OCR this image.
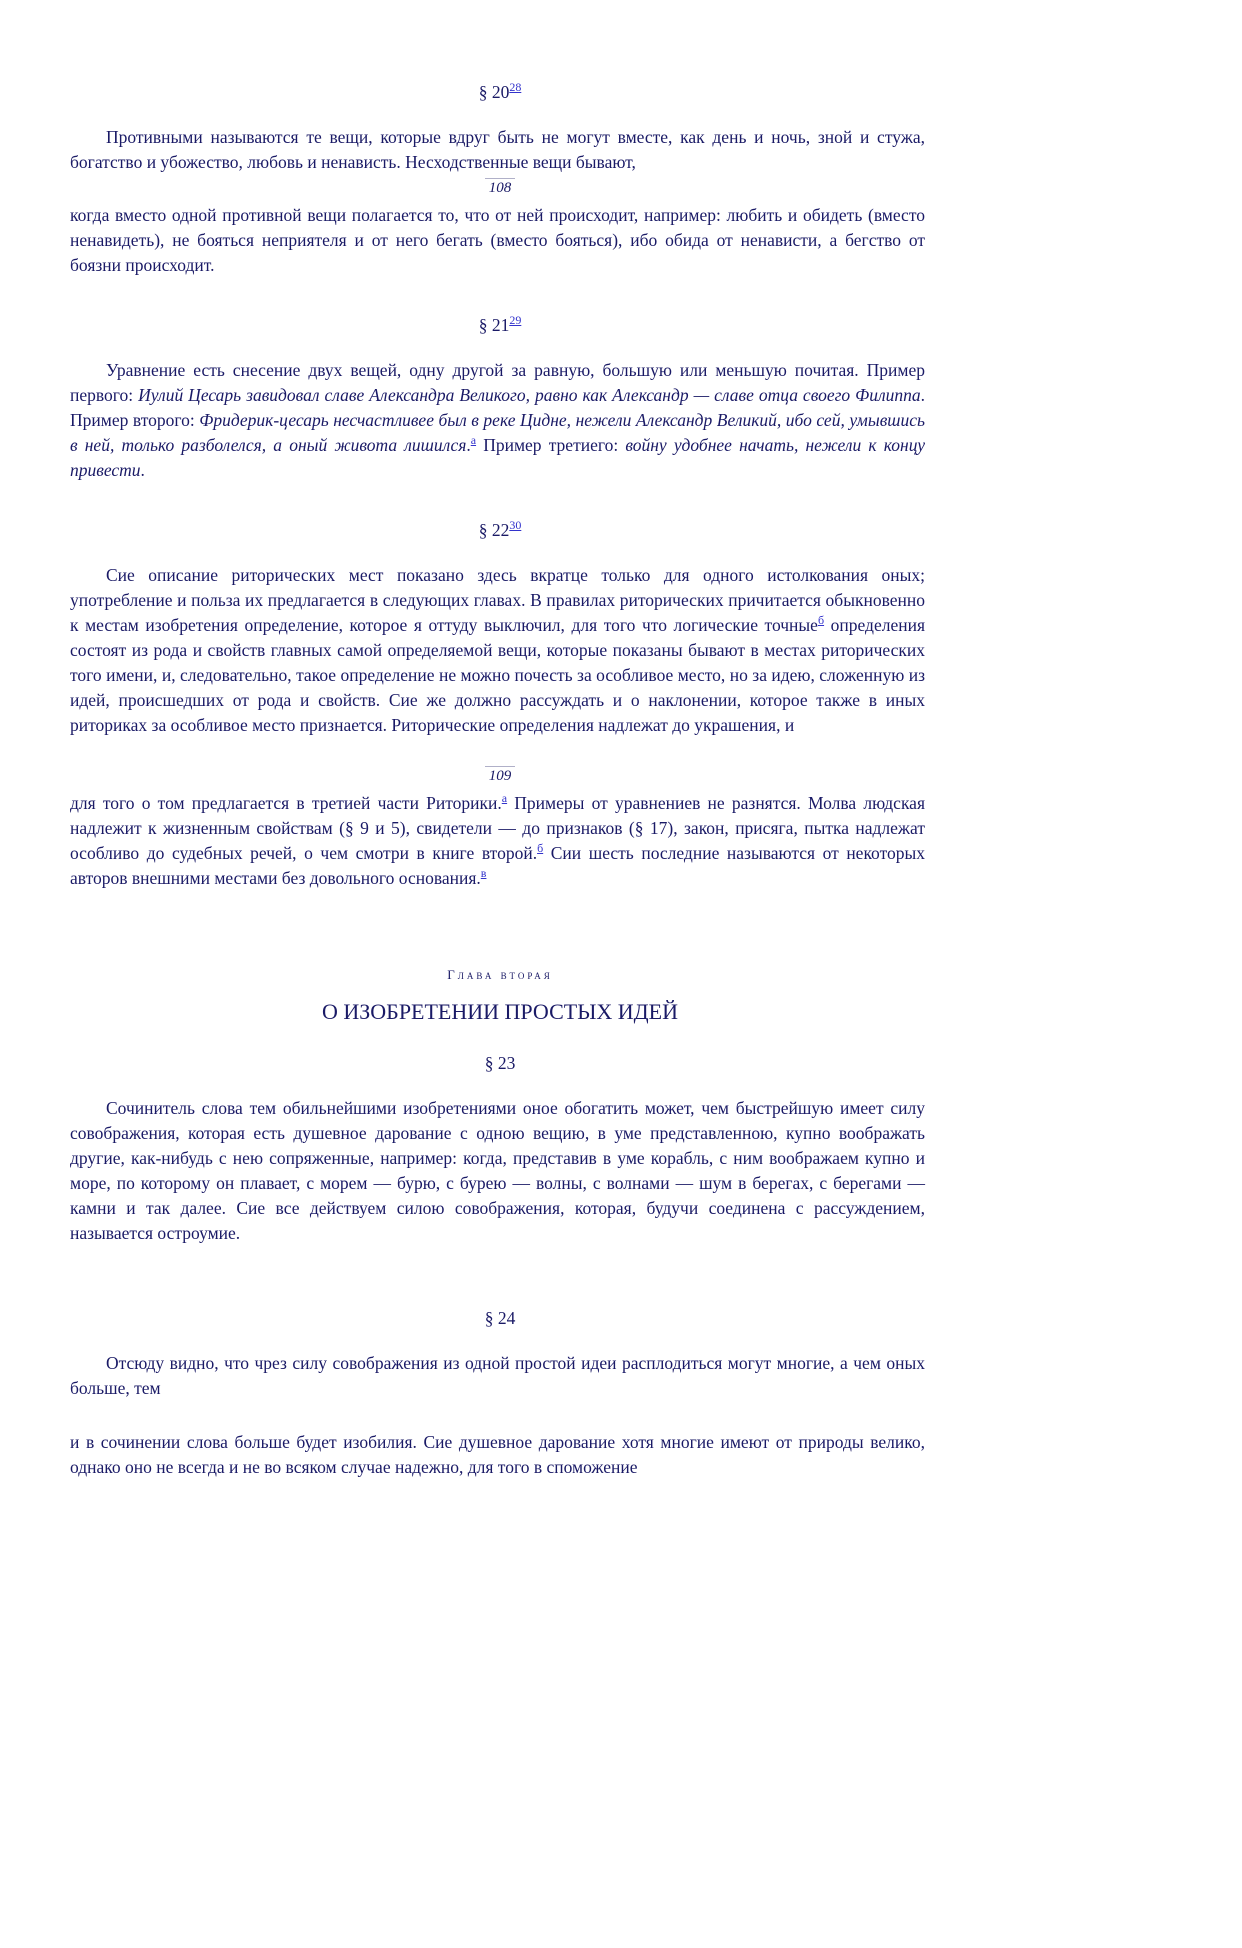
§ 20$^{28}$

Противными называются те вещи, которые вдруг быть не могут вместе, как день и ночь, зной и стужа, богатство и убожество, любовь и ненависть. Несходственные вещи бывают,

108

когда вместо одной противной вещи полагается то, что от ней происходит, например: любить и обидеть (вместо ненавидеть), не бояться неприятеля и от него бегать (вместо бояться), ибо обида от ненависти, а бегство от боязни происходит.

§ 21$^{29}$

Уравнение есть снесение двух вещей, одну другой за равную, большую или меньшую почитая. Пример первого: Иулий Цесарь завидовал славе Александра Великого, равно как Александр — славе отца своего Филиппа. Пример второго: Фридерик-цесарь несчастливее был в реке Цидне, нежели Александр Великий, ибо сей, умывшись в ней, только разболелся, а оный живота лишился.$^а$ Пример третиего: войну удобнее начать, нежели к концу привести.

§ 22$^{30}$

Сие описание риторических мест показано здесь вкратце только для одного истолкования оных; употребление и польза их предлагается в следующих главах. В правилах риторических причитается обыкновенно к местам изобретения определение, которое я оттуду выключил, для того что логические точные$^б$ определения состоят из рода и свойств главных самой определяемой вещи, которые показаны бывают в местах риторических того имени, и, следовательно, такое определение не можно почесть за особливое место, но за идею, сложенную из идей, происшедших от рода и свойств. Сие же должно рассуждать и о наклонении, которое также в иных риториках за особливое место признается. Риторические определения надлежат до украшения, и

109

для того о том предлагается в третией части Риторики.$^а$ Примеры от уравнениев не разнятся. Молва людская надлежит к жизненным свойствам (§ 9 и 5), свидетели — до признаков (§ 17), закон, присяга, пытка надлежат особливо до судебных речей, о чем смотри в книге второй.$^б$ Сии шесть последние называются от некоторых авторов внешними местами без довольного основания.$^в$

Глава вторая
О ИЗОБРЕТЕНИИ ПРОСТЫХ ИДЕЙ
§ 23

Сочинитель слова тем обильнейшими изобретениями оное обогатить может, чем быстрейшую имеет силу совображения, которая есть душевное дарование с одною вещию, в уме представленною, купно воображать другие, как-нибудь с нею сопряженные, например: когда, представив в уме корабль, с ним воображаем купно и море, по которому он плавает, с морем — бурю, с бурею — волны, с волнами — шум в берегах, с берегами — камни и так далее. Сие все действуем силою совображения, которая, будучи соединена с рассуждением, называется остроумие.

§ 24

Отсюду видно, что чрез силу совображения из одной простой идеи расплодиться могут многие, а чем оных больше, тем

и в сочинении слова больше будет изобилия. Сие душевное дарование хотя многие имеют от природы велико, однако оно не всегда и не во всяком случае надежно, для того в споможение
